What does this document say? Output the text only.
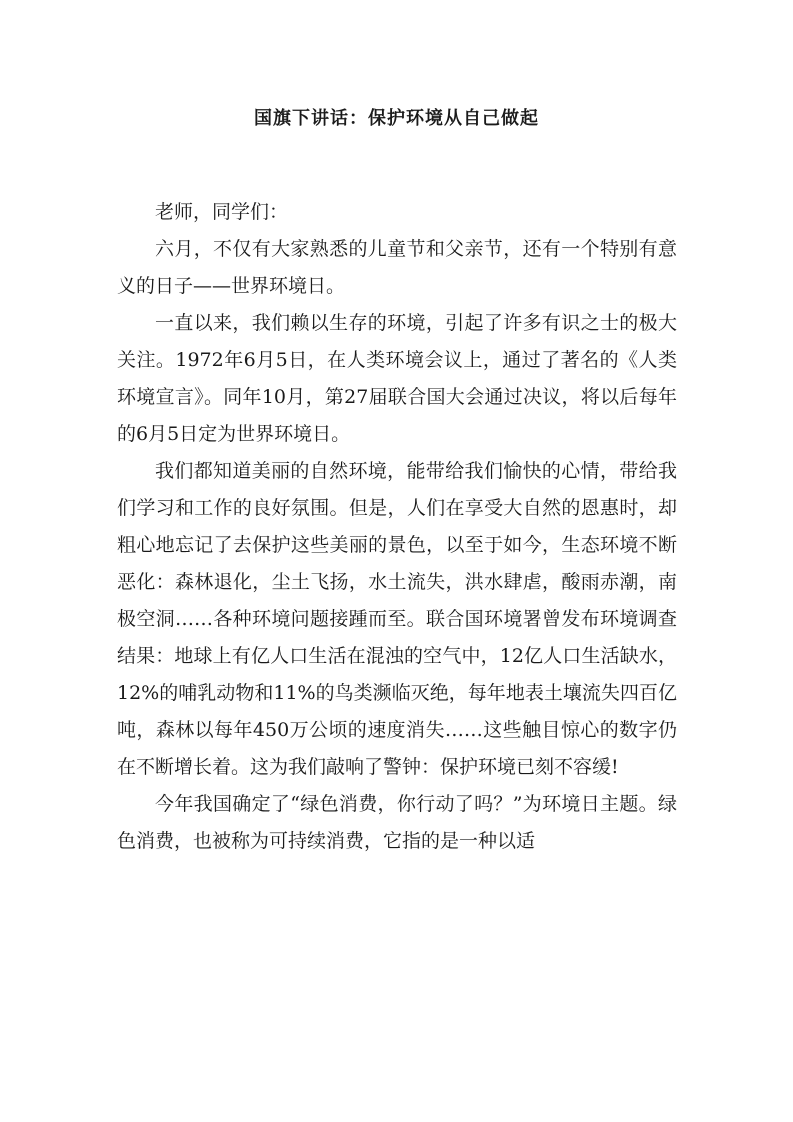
国旗下讲话：保护环境从自己做起

老师，同学们：

六月，不仅有大家熟悉的儿童节和父亲节，还有一个特别有意义的日子——世界环境日。

一直以来，我们赖以生存的环境，引起了许多有识之士的极大关注。1972年6月5日，在人类环境会议上，通过了著名的《人类环境宣言》。同年10月，第27届联合国大会通过决议，将以后每年的6月5日定为世界环境日。

我们都知道美丽的自然环境，能带给我们愉快的心情，带给我们学习和工作的良好氛围。但是，人们在享受大自然的恩惠时，却粗心地忘记了去保护这些美丽的景色，以至于如今，生态环境不断恶化：森林退化，尘土飞扬，水土流失，洪水肆虐，酸雨赤潮，南极空洞……各种环境问题接踵而至。联合国环境署曾发布环境调查结果：地球上有亿人口生活在混浊的空气中，12亿人口生活缺水，12%的哺乳动物和11%的鸟类濒临灭绝，每年地表土壤流失四百亿吨，森林以每年450万公顷的速度消失……这些触目惊心的数字仍在不断增长着。这为我们敲响了警钟：保护环境已刻不容缓!

今年我国确定了“绿色消费，你行动了吗？”为环境日主题。绿色消费，也被称为可持续消费，它指的是一种以适
